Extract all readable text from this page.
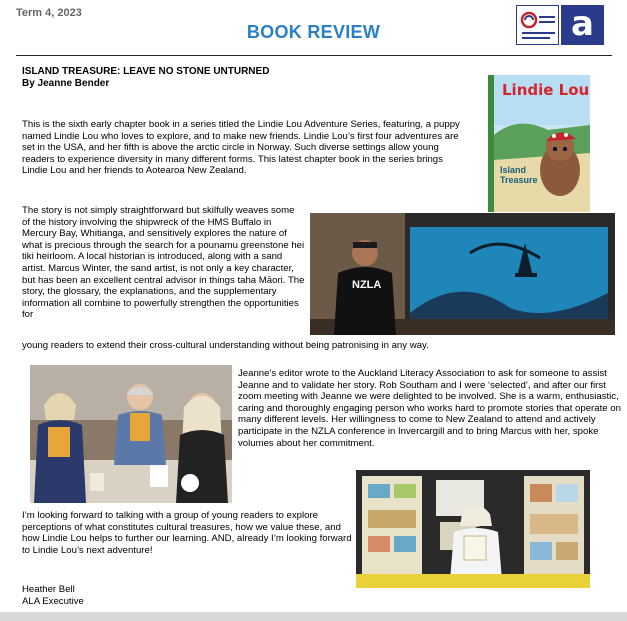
Term 4, 2023
BOOK REVIEW	a
ISLAND TREASURE: LEAVE NO STONE UNTURNED
By Jeanne Bender
This is the sixth early chapter book in a series titled the Lindie Lou Adventure Series, featuring, a puppy named Lindie Lou who loves to explore, and to make new friends. Lindie Lou’s first four adventures are set in the USA, and her fifth is above the arctic circle in Norway. Such diverse settings allow young readers to experience diversity in many different forms. This latest chapter book in the series brings Lindie Lou and her friends to Aotearoa New Zealand.
Lindie Lou
Island
Treasure
The story is not simply straightforward but skilfully weaves some of the history involving the shipwreck of the HMS Buffalo in Mercury Bay, Whitianga, and sensitively explores the nature of what is precious through the search for a pounamu greenstone hei tiki heirloom. A local historian is introduced, along with a sand artist. Marcus Winter, the sand artist, is not only a key character, but has been an excellent central advisor in things taha Māori. The story, the glossary, the explanations, and the supplementary information all combine to powerfully strengthen the opportunities for
NZLA
young readers to extend their cross-cultural understanding without being patronising in any way.
Jeanne’s editor wrote to the Auckland Literacy Association to ask for someone to assist Jeanne and to validate her story. Rob Southam and I were ‘selected’, and after our first zoom meeting with Jeanne we were delighted to be involved. She is a warm, enthusiastic, caring and thoroughly engaging person who works hard to promote stories that operate on many different levels. Her willingness to come to New Zealand to attend and actively participate in the NZLA conference in Invercargill and to bring Marcus with her, spoke volumes about her commitment.
I’m looking forward to talking with a group of young readers to explore perceptions of what constitutes cultural treasures, how we value these, and how Lindie Lou helps to further our learning. AND, already I’m looking forward to Lindie Lou’s next adventure!
Heather Bell
ALA Executive
